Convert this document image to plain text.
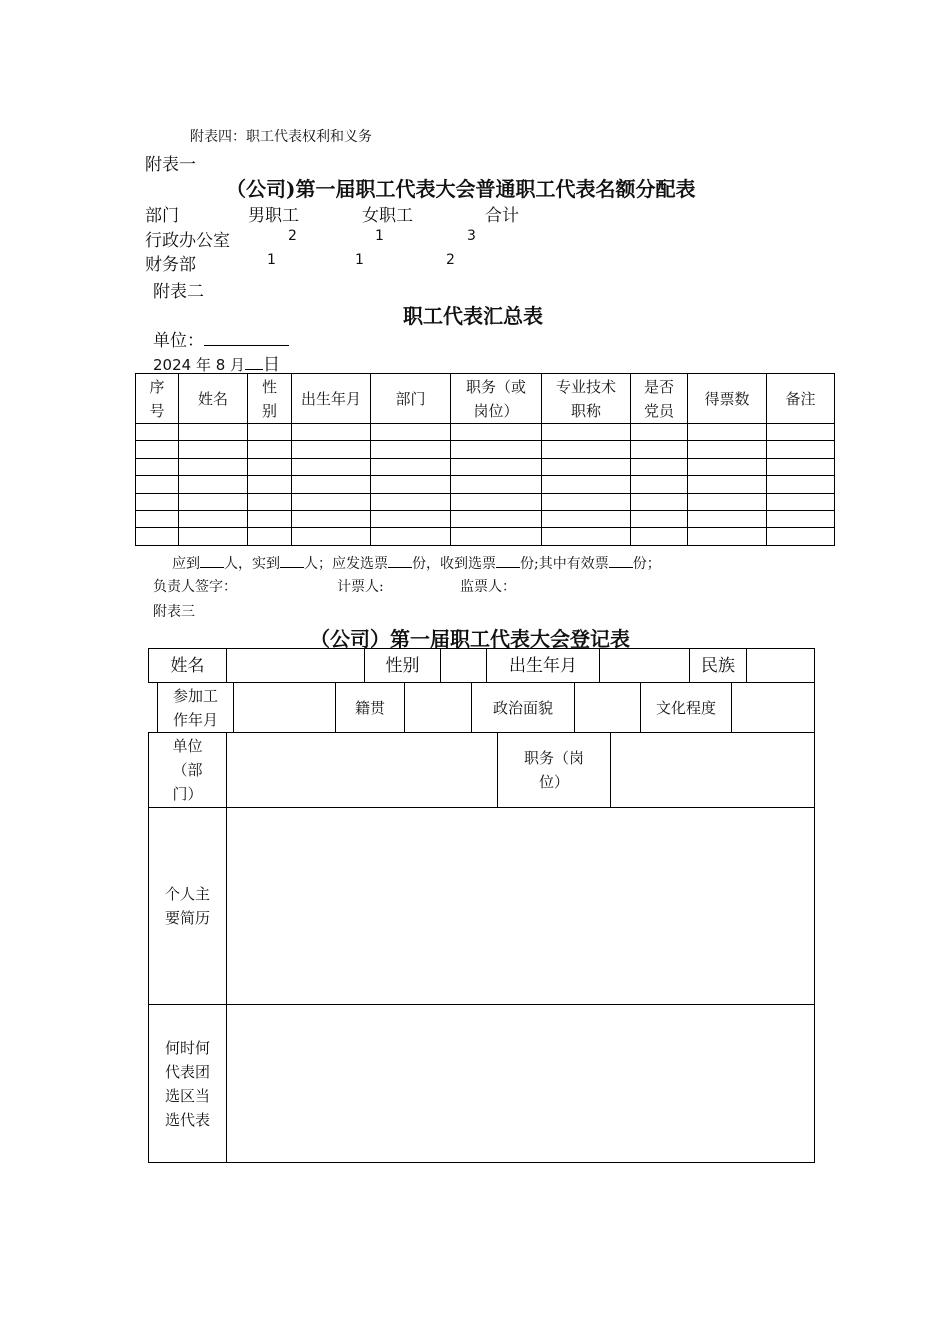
附表四：职工代表权利和义务
附表一
（公司)第一届职工代表大会普通职工代表名额分配表
部门	男职工	女职工	合计
行政办公室	2	1	3
财务部	1	1	2
附表二
职工代表汇总表
单位：
2024 年 8 月 日
序号	姓名	性别	出生年月	部门	职务（或岗位）	专业技术职称	是否党员	得票数	备注

应到 人，实到 人；应发选票 份，收到选票 份;其中有效票 份；
负责人签字：	计票人:	监票人：
附表三
（公司）第一届职工代表大会登记表
姓名		性别		出生年月		民族	
参加工作年月		籍贯		政治面貌		文化程度	
单位（部门）		职务（岗位）	
个人主要简历			
何时何代表团选区当选代表			
